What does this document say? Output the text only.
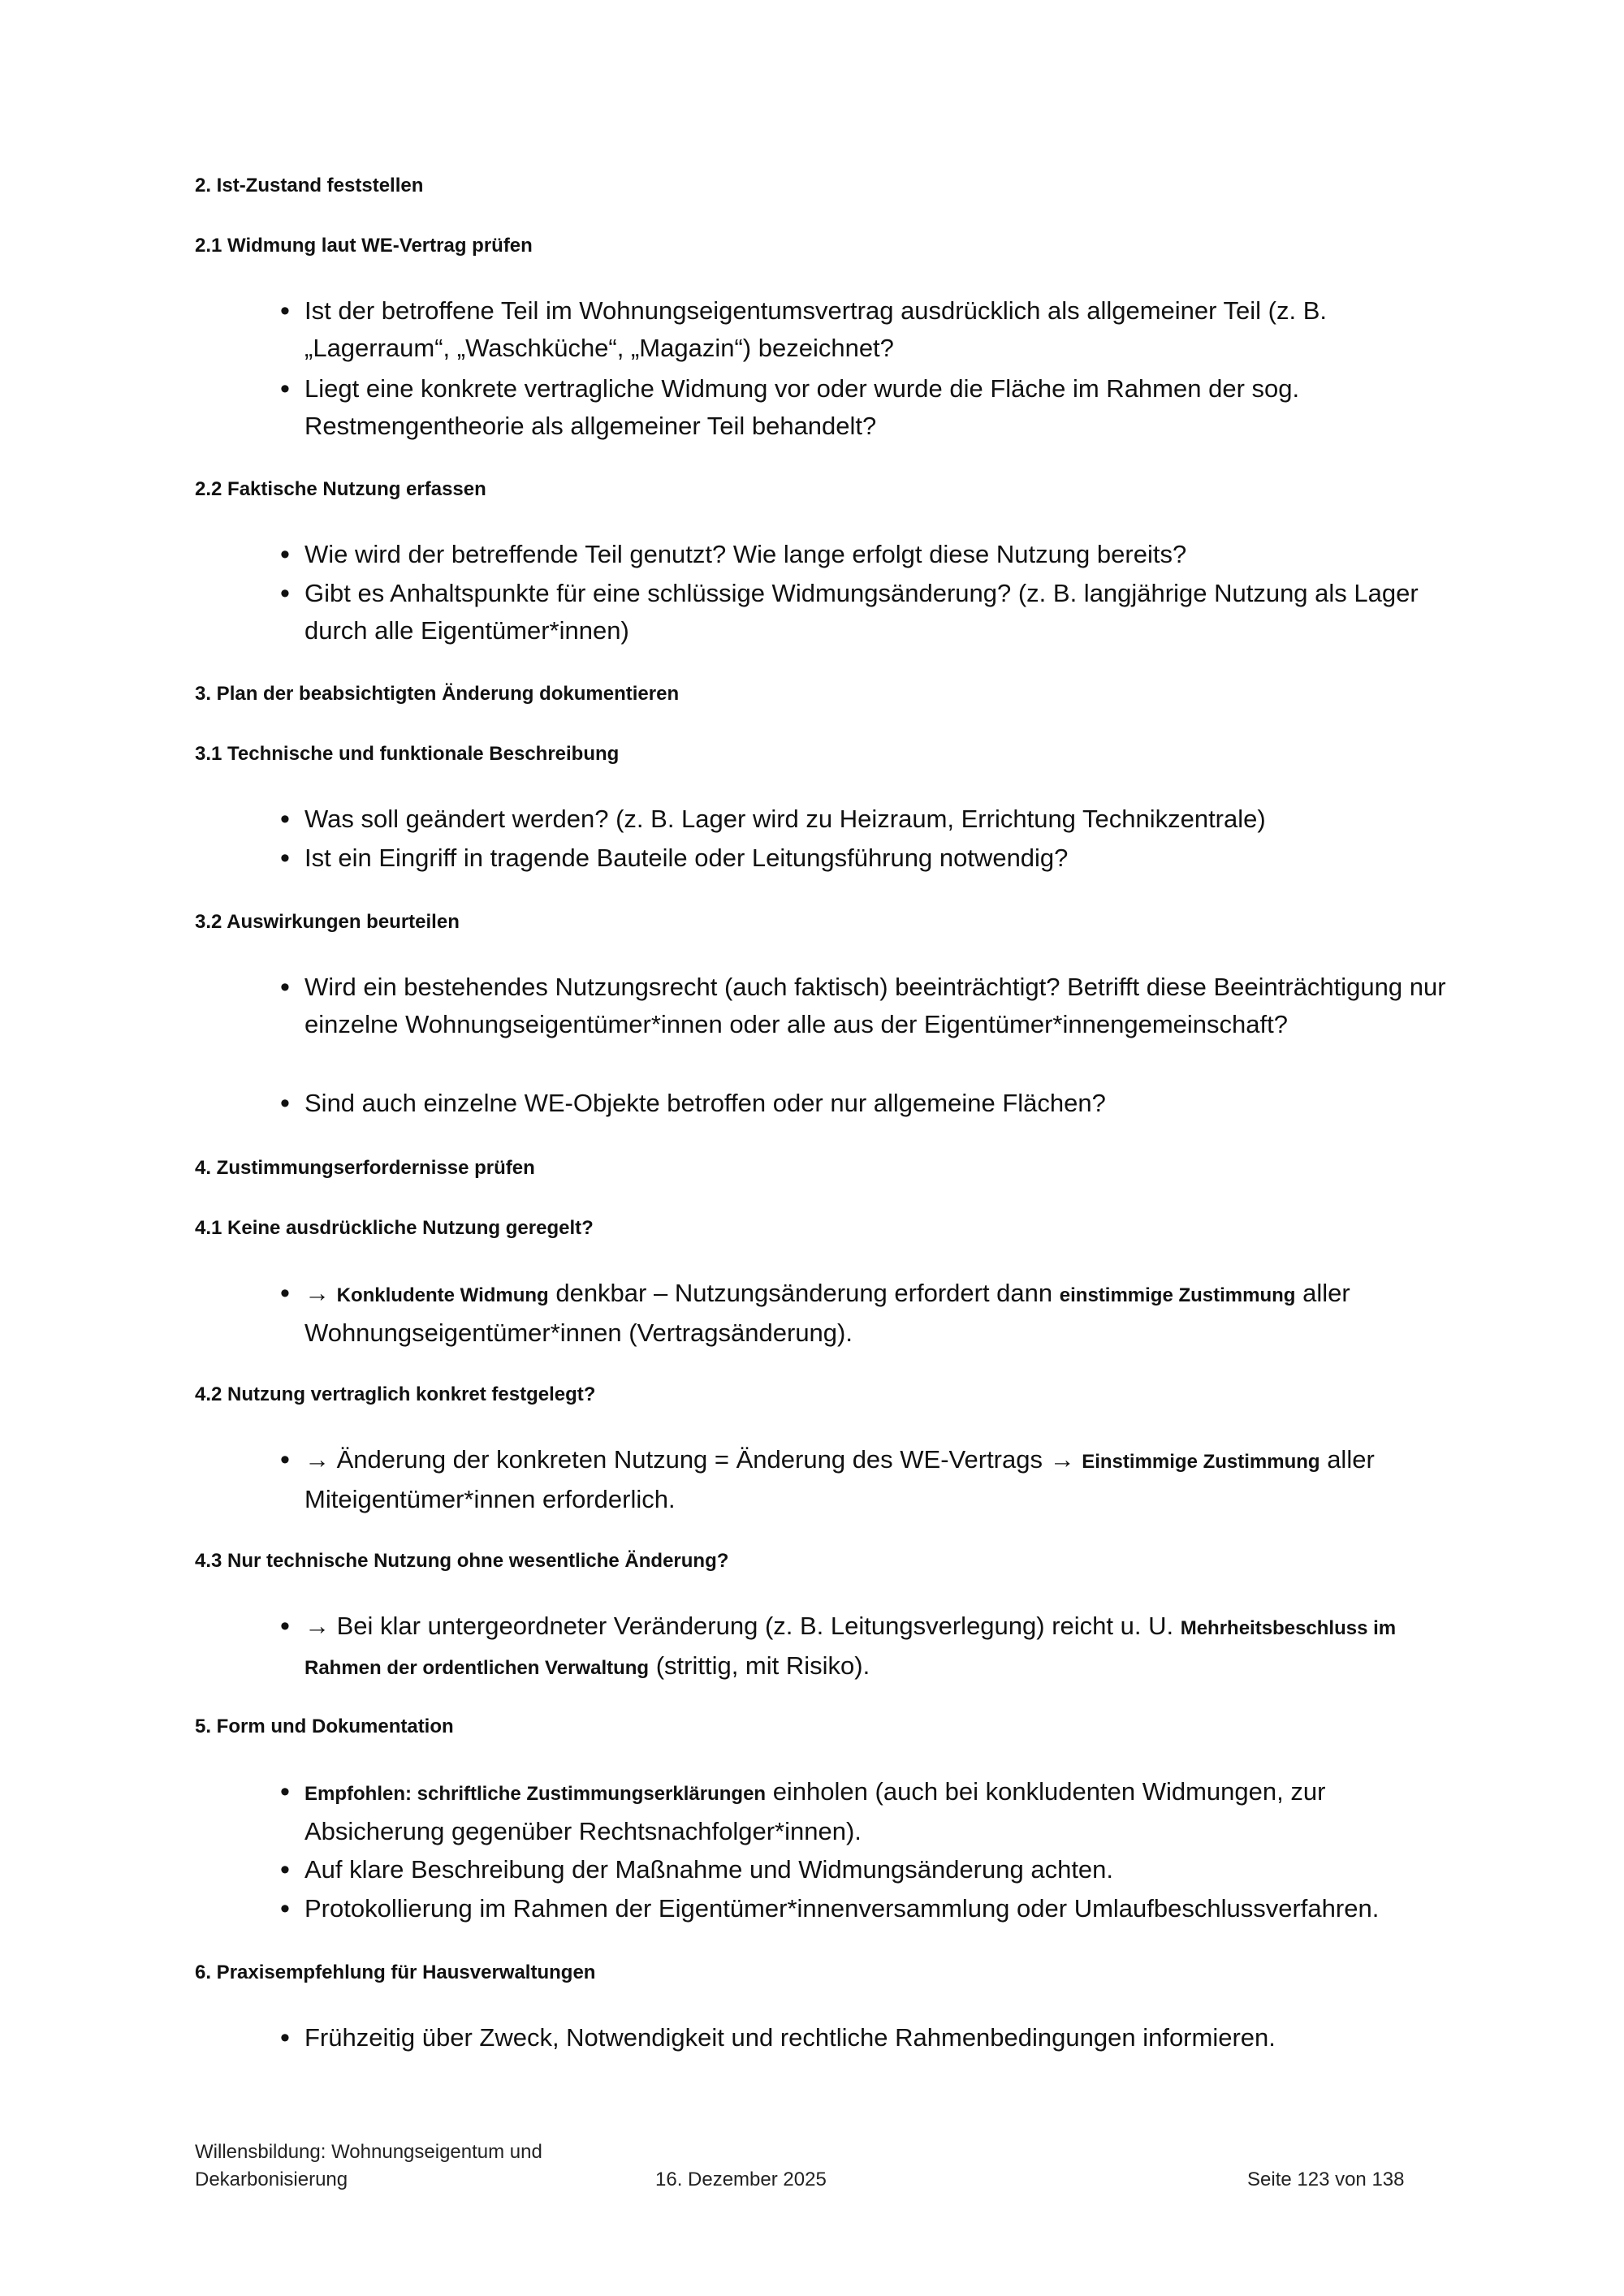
2. Ist-Zustand feststellen
2.1 Widmung laut WE-Vertrag prüfen
• Ist der betroffene Teil im Wohnungseigentumsvertrag ausdrücklich als allgemeiner Teil (z. B. „Lagerraum“, „Waschküche“, „Magazin“) bezeichnet?
• Liegt eine konkrete vertragliche Widmung vor oder wurde die Fläche im Rahmen der sog. Restmengentheorie als allgemeiner Teil behandelt?
2.2 Faktische Nutzung erfassen
• Wie wird der betreffende Teil genutzt? Wie lange erfolgt diese Nutzung bereits?
• Gibt es Anhaltspunkte für eine schlüssige Widmungsänderung? (z. B. langjährige Nutzung als Lager durch alle Eigentümer*innen)
3. Plan der beabsichtigten Änderung dokumentieren
3.1 Technische und funktionale Beschreibung
• Was soll geändert werden? (z. B. Lager wird zu Heizraum, Errichtung Technikzentrale)
• Ist ein Eingriff in tragende Bauteile oder Leitungsführung notwendig?
3.2 Auswirkungen beurteilen
• Wird ein bestehendes Nutzungsrecht (auch faktisch) beeinträchtigt? Betrifft diese Beeinträchtigung nur einzelne Wohnungseigentümer*innen oder alle aus der Eigentümer*innengemeinschaft?
• Sind auch einzelne WE-Objekte betroffen oder nur allgemeine Flächen?
4. Zustimmungserfordernisse prüfen
4.1 Keine ausdrückliche Nutzung geregelt?
• → Konkludente Widmung denkbar – Nutzungsänderung erfordert dann einstimmige Zustimmung aller Wohnungseigentümer*innen (Vertragsänderung).
4.2 Nutzung vertraglich konkret festgelegt?
• → Änderung der konkreten Nutzung = Änderung des WE-Vertrags → Einstimmige Zustimmung aller Miteigentümer*innen erforderlich.
4.3 Nur technische Nutzung ohne wesentliche Änderung?
• → Bei klar untergeordneter Veränderung (z. B. Leitungsverlegung) reicht u. U. Mehrheitsbeschluss im Rahmen der ordentlichen Verwaltung (strittig, mit Risiko).
5. Form und Dokumentation
• Empfohlen: schriftliche Zustimmungserklärungen einholen (auch bei konkludenten Widmungen, zur Absicherung gegenüber Rechtsnachfolger*innen).
• Auf klare Beschreibung der Maßnahme und Widmungsänderung achten.
• Protokollierung im Rahmen der Eigentümer*innenversammlung oder Umlaufbeschlussverfahren.
6. Praxisempfehlung für Hausverwaltungen
• Frühzeitig über Zweck, Notwendigkeit und rechtliche Rahmenbedingungen informieren.
Willensbildung: Wohnungseigentum und
Dekarbonisierung	16. Dezember 2025	Seite 123 von 138
